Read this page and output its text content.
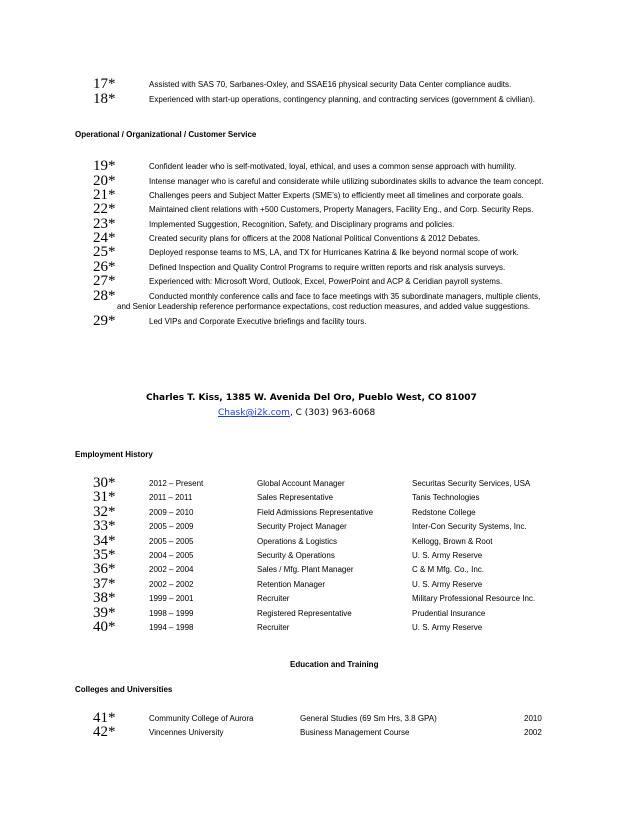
17*	Assisted with SAS 70, Sarbanes-Oxley, and SSAE16 physical security Data Center compliance audits.
18*	Experienced with start-up operations, contingency planning, and contracting services (government & civilian).
Operational / Organizational / Customer Service
19*	Confident leader who is self-motivated, loyal, ethical, and uses a common sense approach with humility.
20*	Intense manager who is careful and considerate while utilizing subordinates skills to advance the team concept.
21*	Challenges peers and Subject Matter Experts (SME's) to efficiently meet all timelines and corporate goals.
22*	Maintained client relations with +500 Customers, Property Managers, Facility Eng., and Corp. Security Reps.
23*	Implemented Suggestion, Recognition, Safety, and Disciplinary programs and policies.
24*	Created security plans for officers at the 2008 National Political Conventions & 2012 Debates.
25*	Deployed response teams to MS, LA, and TX for Hurricanes Katrina & Ike beyond normal scope of work.
26*	Defined Inspection and Quality Control Programs to require written reports and risk analysis surveys.
27*	Experienced with: Microsoft Word, Outlook, Excel, PowerPoint and ACP & Ceridian payroll systems.
28*	Conducted monthly conference calls and face to face meetings with 35 subordinate managers, multiple clients,
and Senior Leadership reference performance expectations, cost reduction measures, and added value suggestions.
29*	Led VIPs and Corporate Executive briefings and facility tours.
Charles T. Kiss, 1385 W. Avenida Del Oro, Pueblo West, CO 81007
Chask@i2k.com, C (303) 963-6068
Employment History
30*	2012 – Present	Global Account Manager	Securitas Security Services, USA
31*	2011 – 2011	Sales Representative	Tanis Technologies
32*	2009 – 2010	Field Admissions Representative	Redstone College
33*	2005 – 2009	Security Project Manager	Inter-Con Security Systems, Inc.
34*	2005 – 2005	Operations & Logistics	Kellogg, Brown & Root
35*	2004 – 2005	Security & Operations	U. S. Army Reserve
36*	2002 – 2004	Sales / Mfg. Plant Manager	C & M Mfg. Co., Inc.
37*	2002 – 2002	Retention Manager	U. S. Army Reserve
38*	1999 – 2001	Recruiter	Military Professional Resource Inc.
39*	1998 – 1999	Registered Representative	Prudential Insurance
40*	1994 – 1998	Recruiter	U. S. Army Reserve
Education and Training
Colleges and Universities
41*	Community College of Aurora	General Studies (69 Sm Hrs, 3.8 GPA)	2010
42*	Vincennes University	Business Management Course	2002
